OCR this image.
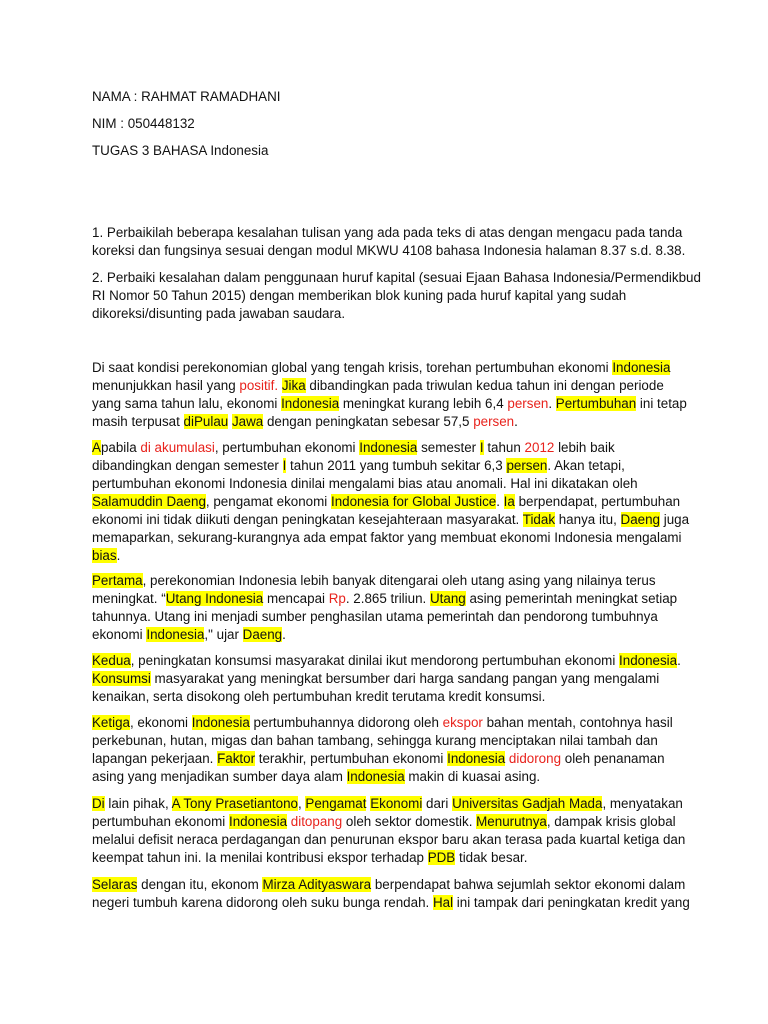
NAMA : RAHMAT RAMADHANI

NIM : 050448132

TUGAS 3 BAHASA Indonesia

1. Perbaikilah beberapa kesalahan tulisan yang ada pada teks di atas dengan mengacu pada tanda
koreksi dan fungsinya sesuai dengan modul MKWU 4108 bahasa Indonesia halaman 8.37 s.d. 8.38.
2. Perbaiki kesalahan dalam penggunaan huruf kapital (sesuai Ejaan Bahasa Indonesia/Permendikbud
RI Nomor 50 Tahun 2015) dengan memberikan blok kuning pada huruf kapital yang sudah
dikoreksi/disunting pada jawaban saudara.
Di saat kondisi perekonomian global yang tengah krisis, torehan pertumbuhan ekonomi Indonesia
menunjukkan hasil yang positif. Jika dibandingkan pada triwulan kedua tahun ini dengan periode
yang sama tahun lalu, ekonomi Indonesia meningkat kurang lebih 6,4 persen. Pertumbuhan ini tetap
masih terpusat diPulau Jawa dengan peningkatan sebesar 57,5 persen.
Apabila di akumulasi, pertumbuhan ekonomi Indonesia semester I tahun 2012 lebih baik
dibandingkan dengan semester I tahun 2011 yang tumbuh sekitar 6,3 persen. Akan tetapi,
pertumbuhan ekonomi Indonesia dinilai mengalami bias atau anomali. Hal ini dikatakan oleh
Salamuddin Daeng, pengamat ekonomi Indonesia for Global Justice. Ia berpendapat, pertumbuhan
ekonomi ini tidak diikuti dengan peningkatan kesejahteraan masyarakat. Tidak hanya itu, Daeng juga
memaparkan, sekurang-kurangnya ada empat faktor yang membuat ekonomi Indonesia mengalami
bias.
Pertama, perekonomian Indonesia lebih banyak ditengarai oleh utang asing yang nilainya terus
meningkat. “Utang Indonesia mencapai Rp. 2.865 triliun. Utang asing pemerintah meningkat setiap
tahunnya. Utang ini menjadi sumber penghasilan utama pemerintah dan pendorong tumbuhnya
ekonomi Indonesia," ujar Daeng.
Kedua, peningkatan konsumsi masyarakat dinilai ikut mendorong pertumbuhan ekonomi Indonesia.
Konsumsi masyarakat yang meningkat bersumber dari harga sandang pangan yang mengalami
kenaikan, serta disokong oleh pertumbuhan kredit terutama kredit konsumsi.
Ketiga, ekonomi Indonesia pertumbuhannya didorong oleh ekspor bahan mentah, contohnya hasil
perkebunan, hutan, migas dan bahan tambang, sehingga kurang menciptakan nilai tambah dan
lapangan pekerjaan. Faktor terakhir, pertumbuhan ekonomi Indonesia didorong oleh penanaman
asing yang menjadikan sumber daya alam Indonesia makin di kuasai asing.
Di lain pihak, A Tony Prasetiantono, Pengamat Ekonomi dari Universitas Gadjah Mada, menyatakan
pertumbuhan ekonomi Indonesia ditopang oleh sektor domestik. Menurutnya, dampak krisis global
melalui defisit neraca perdagangan dan penurunan ekspor baru akan terasa pada kuartal ketiga dan
keempat tahun ini. Ia menilai kontribusi ekspor terhadap PDB tidak besar.
Selaras dengan itu, ekonom Mirza Adityaswara berpendapat bahwa sejumlah sektor ekonomi dalam
negeri tumbuh karena didorong oleh suku bunga rendah. Hal ini tampak dari peningkatan kredit yang
